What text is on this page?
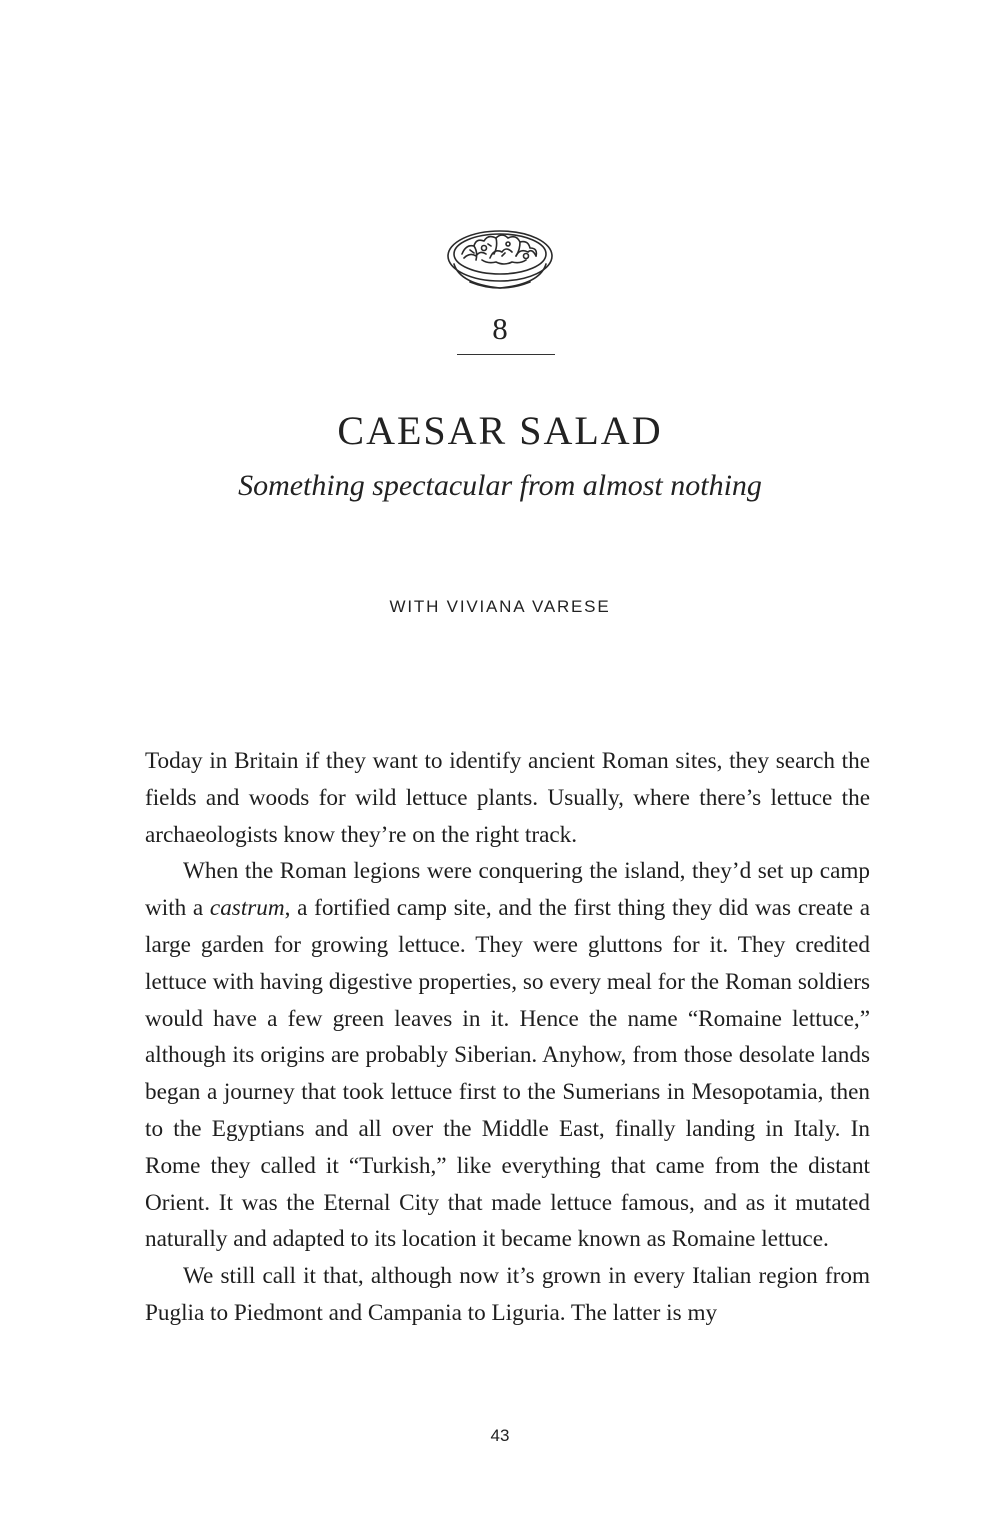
8
CAESAR SALAD
Something spectacular from almost nothing
WITH VIVIANA VARESE

Today in Britain if they want to identify ancient Roman sites, they search the fields and woods for wild lettuce plants. Usually, where there’s lettuce the archaeologists know they’re on the right track.

When the Roman legions were conquering the island, they’d set up camp with a castrum, a fortified camp site, and the first thing they did was create a large garden for growing lettuce. They were gluttons for it. They credited lettuce with having digestive properties, so every meal for the Roman soldiers would have a few green leaves in it. Hence the name “Romaine lettuce,” although its origins are probably Siberian. Anyhow, from those desolate lands began a journey that took lettuce first to the Sumerians in Mesopotamia, then to the Egyptians and all over the Middle East, finally landing in Italy. In Rome they called it “Turkish,” like everything that came from the distant Orient. It was the Eternal City that made lettuce famous, and as it mutated naturally and adapted to its location it became known as Romaine lettuce.

We still call it that, although now it’s grown in every Italian region from Puglia to Piedmont and Campania to Liguria. The latter is my

43
